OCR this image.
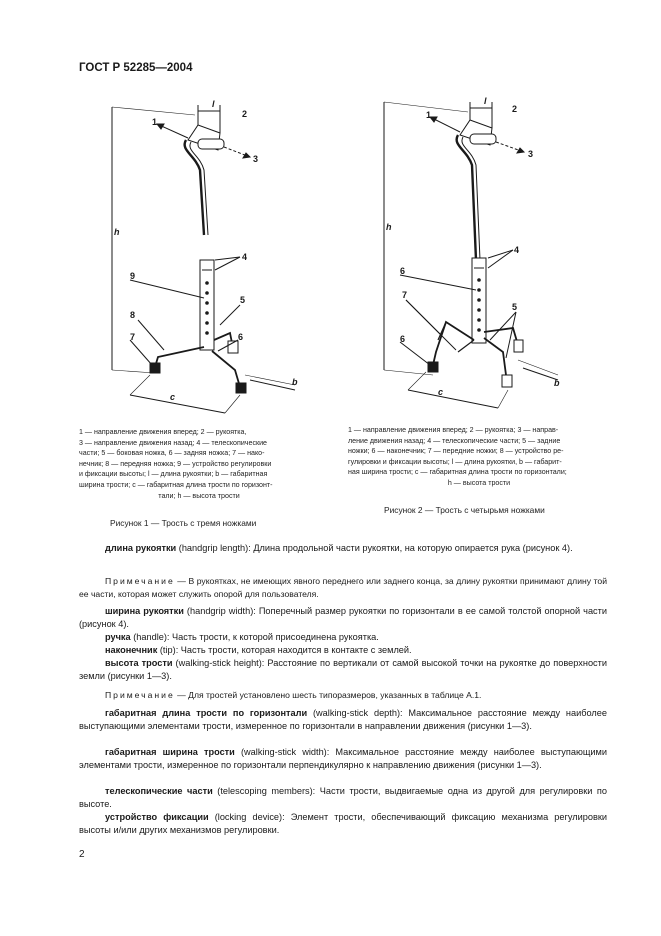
ГОСТ Р 52285—2004
1
2
3
4
9
5
8
7	6
b
c
h
l
1 — направление движения вперед; 2 — рукоятка,
3 — направление движения назад; 4 — телескопические
части; 5 — боковая ножка, 6 — задняя ножка; 7 — нако-
нечник; 8 — передняя ножка; 9 — устройство регулировки
и фиксации высоты; l — длина рукоятки; b — габаритная
ширина трости; c — габаритная длина трости по горизонт-
тали; h — высота трости
Рисунок 1 — Трость с тремя ножками
1
2
3
4
6
7
5
6
b
c
h
l
1 — направление движения вперед; 2 — рукоятка; 3 — направ-
ление движения назад; 4 — телескопические части; 5 — задние
ножки; 6 — наконечник; 7 — передние ножки; 8 — устройство ре-
гулировки и фиксации высоты; l — длина рукоятки, b — габарит-
ная ширина трости; c — габаритная длина трости по горизонтали;
h — высота трости
Рисунок 2 — Трость с четырьмя ножками
длина рукоятки (handgrip length): Длина продольной части рукоятки, на которую опирается рука (рисунок 4).
Примечание — В рукоятках, не имеющих явного переднего или заднего конца, за длину рукоятки принимают длину той ее части, которая может служить опорой для пользователя.
ширина рукоятки (handgrip width): Поперечный размер рукоятки по горизонтали в ее самой толстой опорной части (рисунок 4).
ручка (handle): Часть трости, к которой присоединена рукоятка.
наконечник (tip): Часть трости, которая находится в контакте с землей.
высота трости (walking-stick height): Расстояние по вертикали от самой высокой точки на рукоятке до поверхности земли (рисунки 1—3).
Примечание — Для тростей установлено шесть типоразмеров, указанных в таблице А.1.
габаритная длина трости по горизонтали (walking-stick depth): Максимальное расстояние между наиболее выступающими элементами трости, измеренное по горизонтали в направлении движения (рисунки 1—3).
габаритная ширина трости (walking-stick width): Максимальное расстояние между наиболее выступающими элементами трости, измеренное по горизонтали перпендикулярно к направлению движения (рисунки 1—3).
телескопические части (telescoping members): Части трости, выдвигаемые одна из другой для регулировки по высоте.
устройство фиксации (locking device): Элемент трости, обеспечивающий фиксацию механизма регулировки высоты и/или других механизмов регулировки.
2
